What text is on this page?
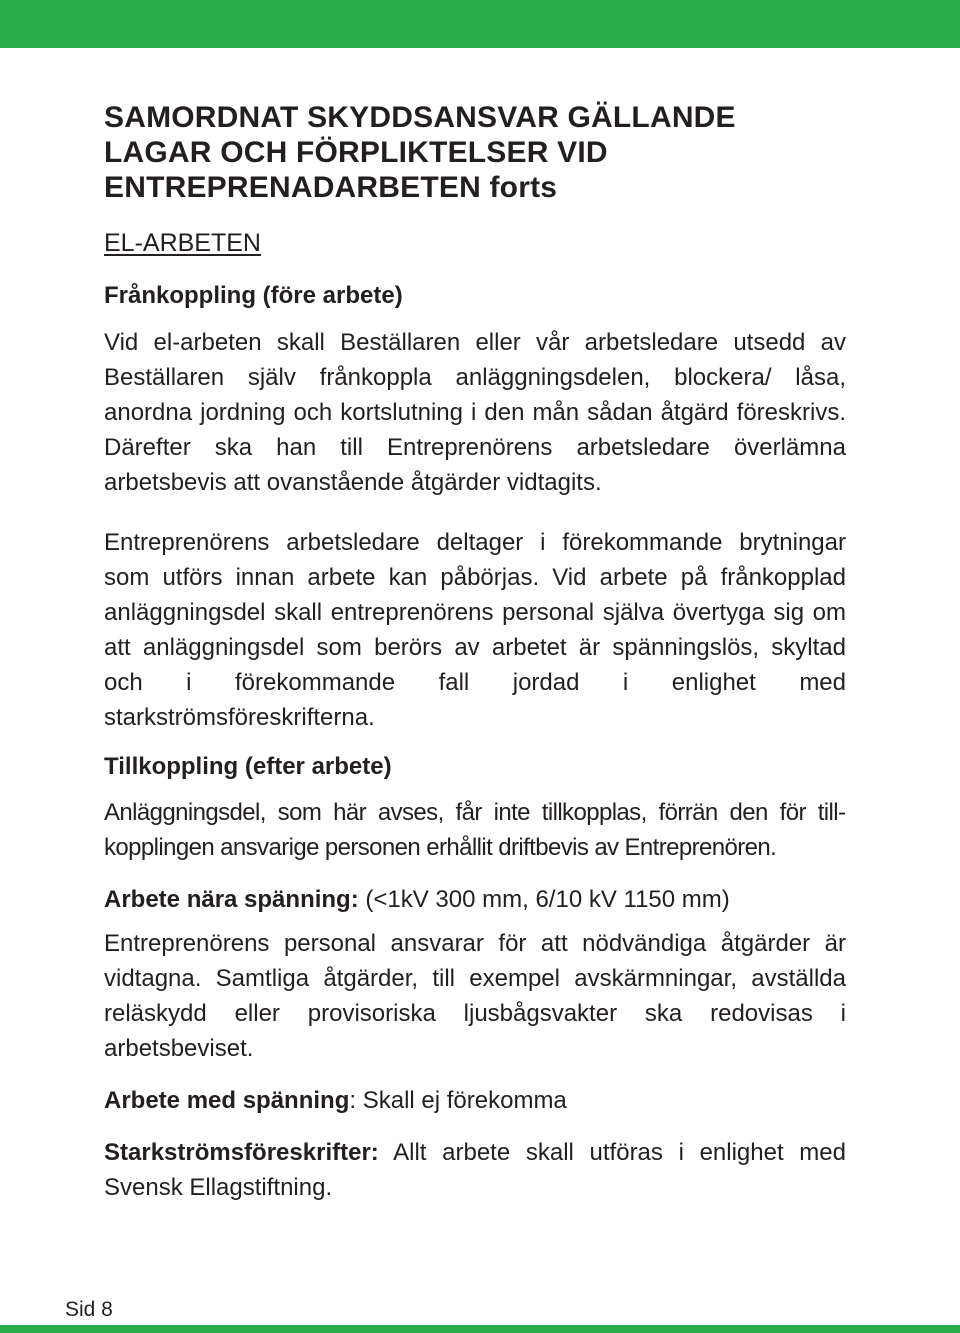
SAMORDNAT SKYDDSANSVAR GÄLLANDE
LAGAR OCH FÖRPLIKTELSER VID
ENTREPRENADARBETEN forts
EL-ARBETEN
Frånkoppling (före arbete)

Vid el-arbeten skall Beställaren eller vår arbetsledare utsedd av Beställaren själv frånkoppla anläggningsdelen, blockera/ låsa, anordna jordning och kortslutning i den mån sådan åtgärd föreskrivs. Därefter ska han till Entreprenörens arbetsledare överlämna arbetsbevis att ovanstående åtgärder vidtagits.

Entreprenörens arbetsledare deltager i förekommande brytningar som utförs innan arbete kan påbörjas. Vid arbete på frånkopplad anläggningsdel skall entreprenörens personal själva övertyga sig om att anläggningsdel som berörs av arbetet är spänningslös, skyltad och i förekommande fall jordad i enlighet med starkströmsföreskrifterna.

Tillkoppling (efter arbete)

Anläggningsdel, som här avses, får inte tillkopplas, förrän den för tillkopplingen ansvarige personen erhållit driftbevis av Entreprenören.

Arbete nära spänning: (<1kV 300 mm, 6/10 kV 1150 mm)

Entreprenörens personal ansvarar för att nödvändiga åtgärder är vidtagna. Samtliga åtgärder, till exempel avskärmningar, avställda reläskydd eller provisoriska ljusbågsvakter ska redovisas i arbetsbeviset.

Arbete med spänning: Skall ej förekomma

Starkströmsföreskrifter: Allt arbete skall utföras i enlighet med Svensk Ellagstiftning.

Sid 8
